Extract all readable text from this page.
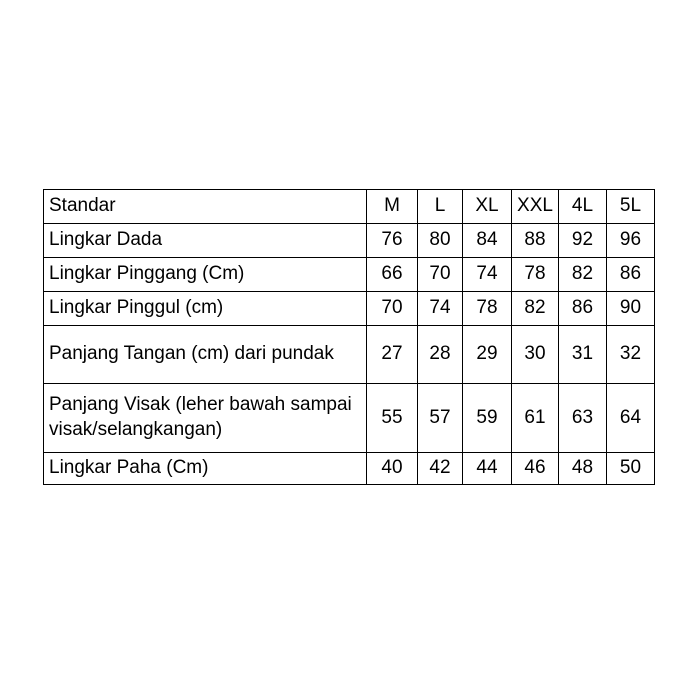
Standar	M	L	XL	XXL	4L	5L
Lingkar Dada	76	80	84	88	92	96
Lingkar Pinggang (Cm)	66	70	74	78	82	86
Lingkar Pinggul (cm)	70	74	78	82	86	90
Panjang Tangan (cm) dari pundak	27	28	29	30	31	32
Panjang Visak (leher bawah sampai visak/selangkangan)	55	57	59	61	63	64
Lingkar Paha (Cm)	40	42	44	46	48	50
